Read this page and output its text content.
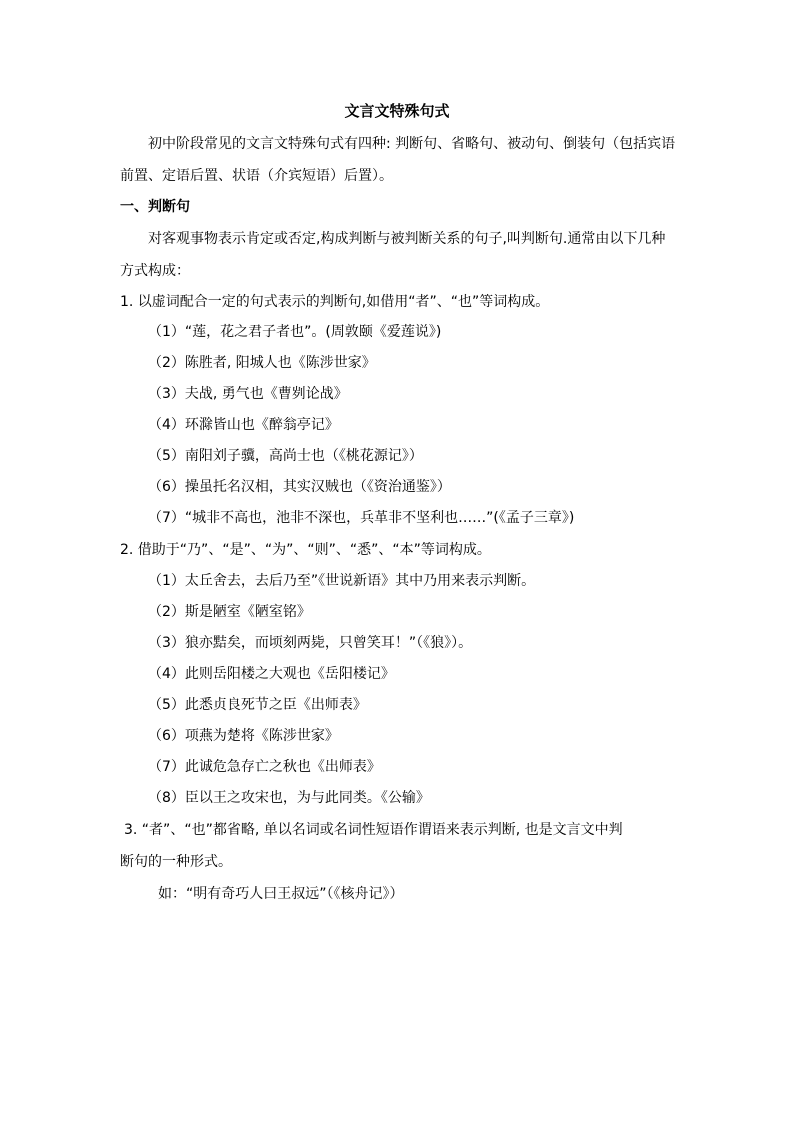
文言文特殊句式
初中阶段常见的文言文特殊句式有四种: 判断句、省略句、被动句、倒装句（包括宾语
前置、定语后置、状语（介宾短语）后置）。
一、判断句
对客观事物表示肯定或否定,构成判断与被判断关系的句子,叫判断句.通常由以下几种
方式构成：
1. 以虚词配合一定的句式表示的判断句,如借用“者”、“也”等词构成。
（1）“莲，花之君子者也”。(周敦颐《爱莲说》)
（2）陈胜者, 阳城人也《陈涉世家》
（3）夫战, 勇气也《曹刿论战》
（4）环滁皆山也《醉翁亭记》
（5）南阳刘子骥，高尚士也（《桃花源记》）
（6）操虽托名汉相，其实汉贼也（《资治通鉴》）
（7）“城非不高也，池非不深也，兵革非不坚利也……”(《孟子三章》)
2. 借助于“乃”、“是”、“为”、“则”、“悉”、“本”等词构成。
（1）太丘舍去，去后乃至”《世说新语》其中乃用来表示判断。
（2）斯是陋室《陋室铭》
（3）狼亦黠矣，而顷刻两毙，只曾笑耳！”（《狼》）。
（4）此则岳阳楼之大观也《岳阳楼记》
（5）此悉贞良死节之臣《出师表》
（6）项燕为楚将《陈涉世家》
（7）此诚危急存亡之秋也《出师表》
（8）臣以王之攻宋也，为与此同类。《公输》
3. “者”、“也”都省略, 单以名词或名词性短语作谓语来表示判断, 也是文言文中判
断句的一种形式。
如：“明有奇巧人曰王叔远”（《核舟记》）
